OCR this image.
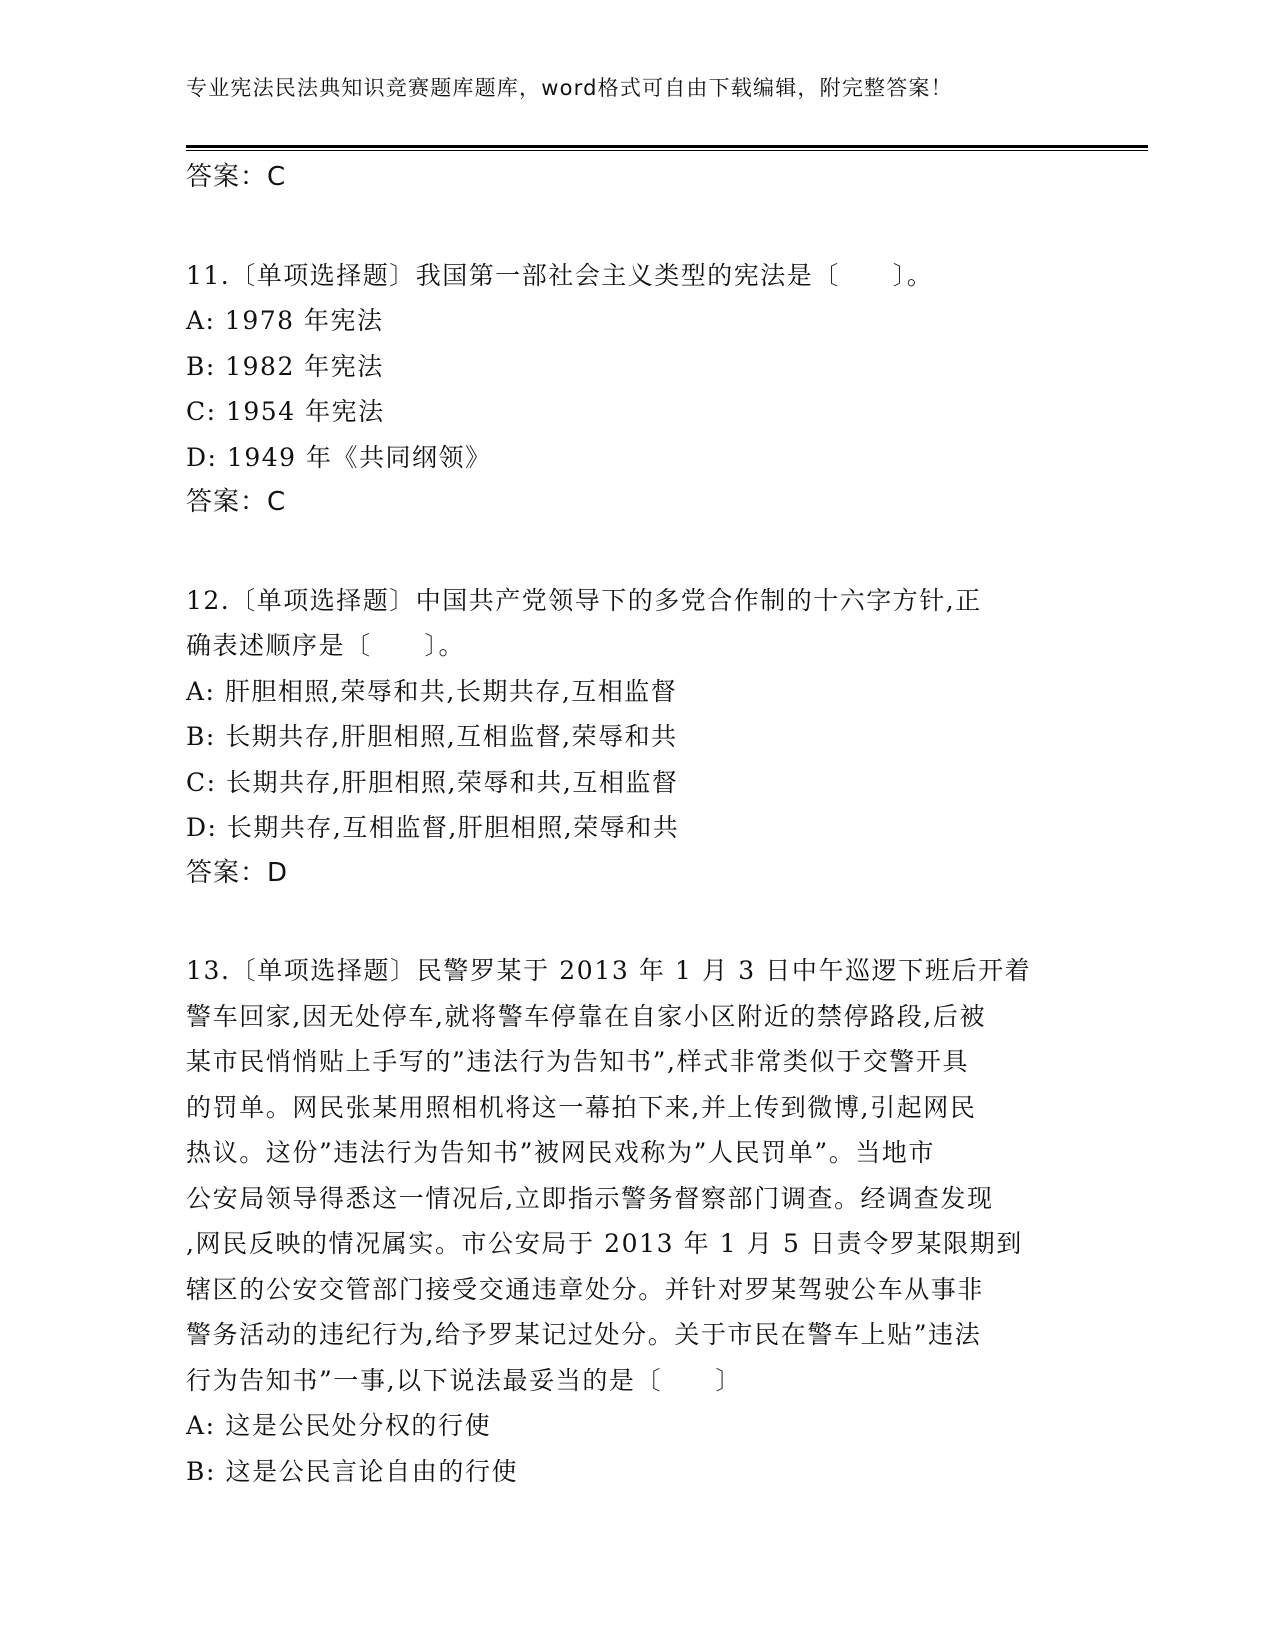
专业宪法民法典知识竞赛题库题库，word格式可自由下载编辑，附完整答案！
答案：C
11.〔单项选择题〕我国第一部社会主义类型的宪法是〔　　〕。
A: 1978 年宪法
B: 1982 年宪法
C: 1954 年宪法
D: 1949 年《共同纲领》
答案：C
12.〔单项选择题〕中国共产党领导下的多党合作制的十六字方针,正
确表述顺序是〔　　〕。
A: 肝胆相照,荣辱和共,长期共存,互相监督
B: 长期共存,肝胆相照,互相监督,荣辱和共
C: 长期共存,肝胆相照,荣辱和共,互相监督
D: 长期共存,互相监督,肝胆相照,荣辱和共
答案：D
13.〔单项选择题〕民警罗某于 2013 年 1 月 3 日中午巡逻下班后开着
警车回家,因无处停车,就将警车停靠在自家小区附近的禁停路段,后被
某市民悄悄贴上手写的”违法行为告知书”,样式非常类似于交警开具
的罚单。网民张某用照相机将这一幕拍下来,并上传到微博,引起网民
热议。这份”违法行为告知书”被网民戏称为”人民罚单”。当地市
公安局领导得悉这一情况后,立即指示警务督察部门调查。经调查发现
,网民反映的情况属实。市公安局于 2013 年 1 月 5 日责令罗某限期到
辖区的公安交管部门接受交通违章处分。并针对罗某驾驶公车从事非
警务活动的违纪行为,给予罗某记过处分。关于市民在警车上贴”违法
行为告知书”一事,以下说法最妥当的是〔　　〕
A: 这是公民处分权的行使
B: 这是公民言论自由的行使
